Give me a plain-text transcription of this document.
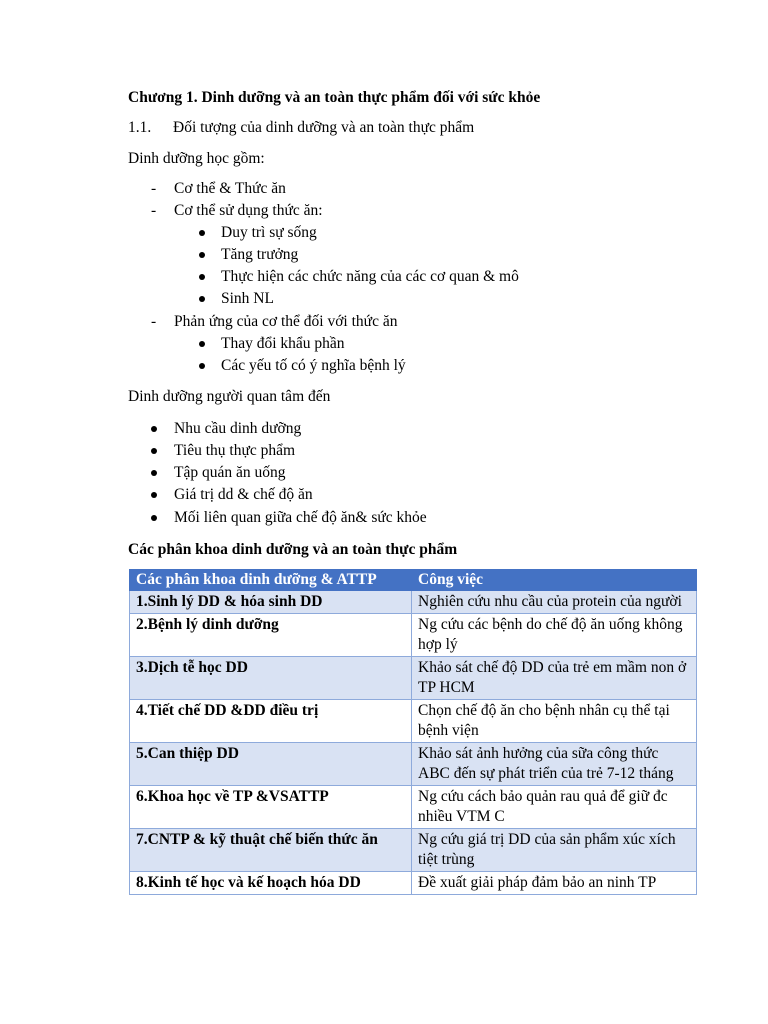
Chương 1. Dinh dưỡng và an toàn thực phẩm đối với sức khỏe
1.1. Đối tượng của dinh dưỡng và an toàn thực phẩm
Dinh dưỡng học gồm:
- Cơ thể & Thức ăn
- Cơ thể sử dụng thức ăn:
Duy trì sự sống
Tăng trưởng
Thực hiện các chức năng của các cơ quan & mô
Sinh NL
- Phản ứng của cơ thể đối với thức ăn
Thay đổi khẩu phần
Các yếu tố có ý nghĩa bệnh lý
Dinh dưỡng người quan tâm đến
Nhu cầu dinh dưỡng
Tiêu thụ thực phẩm
Tập quán ăn uống
Giá trị dd & chế độ ăn
Mối liên quan giữa chế độ ăn& sức khỏe
Các phân khoa dinh dưỡng và an toàn thực phẩm
Các phân khoa dinh dưỡng & ATTP	Công việc
1.Sinh lý DD & hóa sinh DD	Nghiên cứu nhu cầu của protein của người
2.Bệnh lý dinh dưỡng	Ng cứu các bệnh do chế độ ăn uống không hợp lý
3.Dịch tễ học DD	Khảo sát chế độ DD của trẻ em mầm non ở TP HCM
4.Tiết chế DD &DD điều trị	Chọn chế độ ăn cho bệnh nhân cụ thể tại bệnh viện
5.Can thiệp DD	Khảo sát ảnh hưởng của sữa công thức ABC đến sự phát triển của trẻ 7-12 tháng
6.Khoa học về TP &VSATTP	Ng cứu cách bảo quản rau quả để giữ đc nhiều VTM C
7.CNTP & kỹ thuật chế biến thức ăn	Ng cứu giá trị DD của sản phẩm xúc xích tiệt trùng
8.Kinh tế học và kế hoạch hóa DD	Đề xuất giải pháp đảm bảo an ninh TP
